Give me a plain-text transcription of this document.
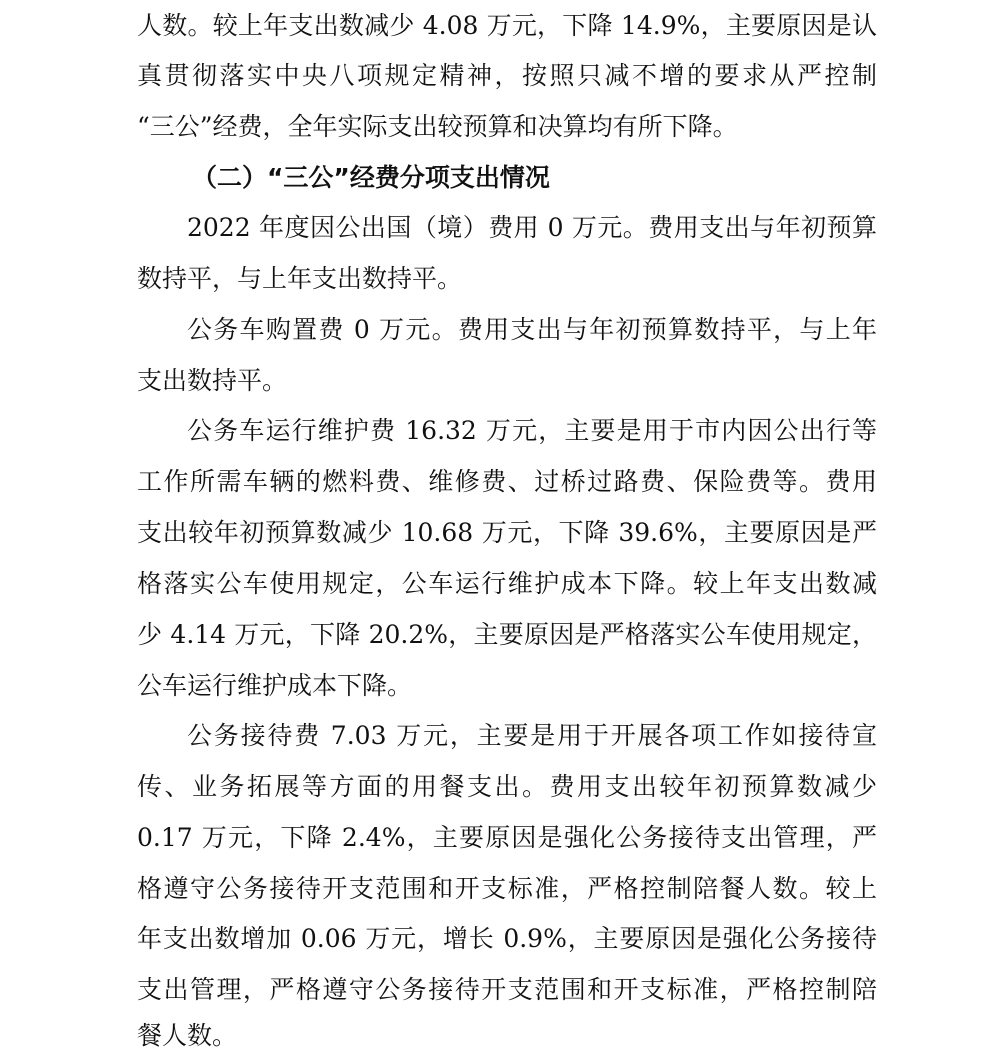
人数。较上年支出数减少 4.08 万元，下降 14.9%，主要原因是认
真贯彻落实中央八项规定精神，按照只减不增的要求从严控制
“三公”经费，全年实际支出较预算和决算均有所下降。
（二）“三公”经费分项支出情况
2022 年度因公出国（境）费用 0 万元。费用支出与年初预算
数持平，与上年支出数持平。
公务车购置费 0 万元。费用支出与年初预算数持平，与上年
支出数持平。
公务车运行维护费 16.32 万元，主要是用于市内因公出行等
工作所需车辆的燃料费、维修费、过桥过路费、保险费等。费用
支出较年初预算数减少 10.68 万元，下降 39.6%，主要原因是严
格落实公车使用规定，公车运行维护成本下降。较上年支出数减
少 4.14 万元，下降 20.2%，主要原因是严格落实公车使用规定，
公车运行维护成本下降。
公务接待费 7.03 万元，主要是用于开展各项工作如接待宣
传、业务拓展等方面的用餐支出。费用支出较年初预算数减少
0.17 万元，下降 2.4%，主要原因是强化公务接待支出管理，严
格遵守公务接待开支范围和开支标准，严格控制陪餐人数。较上
年支出数增加 0.06 万元，增长 0.9%，主要原因是强化公务接待
支出管理，严格遵守公务接待开支范围和开支标准，严格控制陪
餐人数。
